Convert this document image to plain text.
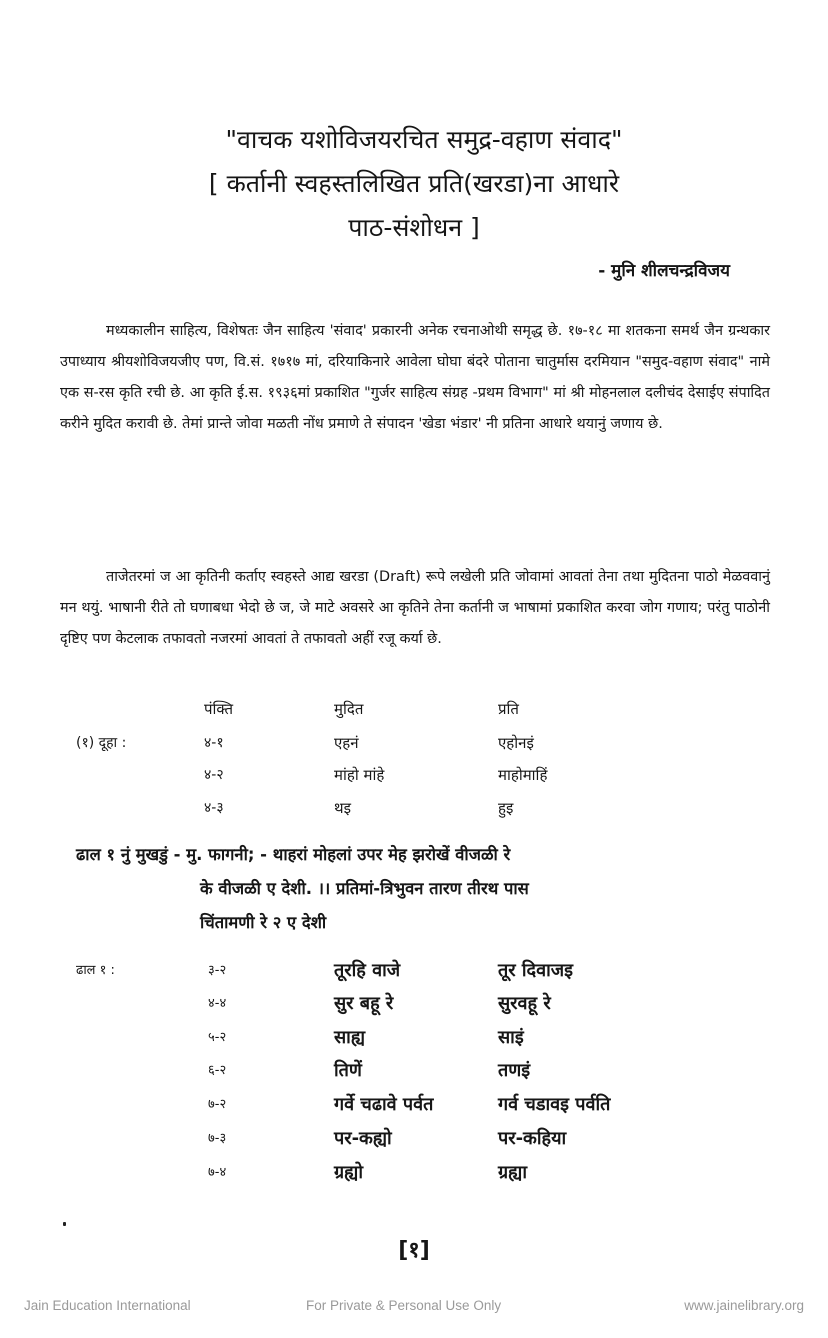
"वाचक यशोविजयरचित समुद्र-वहाण संवाद"
[ कर्तानी स्वहस्तलिखित प्रति(खरडा)ना आधारे
पाठ-संशोधन ]
- मुनि शीलचन्द्रविजय

मध्यकालीन साहित्य, विशेषतः जैन साहित्य 'संवाद' प्रकारनी अनेक रचनाओथी समृद्ध छे. १७-१८ मा शतकना समर्थ जैन ग्रन्थकार उपाध्याय श्रीयशोविजयजीए पण, वि.सं. १७१७ मां, दरियाकिनारे आवेला घोघा बंदरे पोताना चातुर्मास दरमियान "समुद-वहाण संवाद" नामे एक स-रस कृति रची छे. आ कृति ई.स. १९३६मां प्रकाशित "गुर्जर साहित्य संग्रह -प्रथम विभाग" मां श्री मोहनलाल दलीचंद देसाईए संपादित करीने मुदित करावी छे. तेमां प्रान्ते जोवा मळती नोंध प्रमाणे ते संपादन 'खेडा भंडार' नी प्रतिना आधारे थयानुं जणाय छे.

ताजेतरमां ज आ कृतिनी कर्ताए स्वहस्ते आद्य खरडा (Draft) रूपे लखेली प्रति जोवामां आवतां तेना तथा मुदितना पाठो मेळववानुं मन थयुं. भाषानी रीते तो घणाबधा भेदो छे ज, जे माटे अवसरे आ कृतिने तेना कर्तानी ज भाषामां प्रकाशित करवा जोग गणाय; परंतु पाठोनी दृष्टिए पण केटलाक तफावतो नजरमां आवतां ते तफावतो अहीं रजू कर्या छे.

पंक्ति	मुदित	प्रति
(१) दूहा :	४-१	एहनं	एहोनइं
४-२	मांहो मांहे	माहोमाहिं
४-३	थइ	हुइ
ढाल १ नुं मुखडुं - मु. फागनी; - थाहरां मोहलां उपर मेह झरोखें वीजळी रे
के वीजळी ए देशी. ।। प्रतिमां-त्रिभुवन तारण तीरथ पास
चिंतामणी रे २ ए देशी
ढाल १ :	३-२	तूरहि वाजे	तूर दिवाजइ
४-४	सुर बहू रे	सुरवहू रे
५-२	साह्य	साइं
६-२	तिणें	तणइं
७-२	गर्वे चढावे पर्वत	गर्व चडावइ पर्वति
७-३	पर-कह्यो	पर-कहिया
७-४	ग्रह्यो	ग्रह्या
[१]
Jain Education International	For Private & Personal Use Only	www.jainelibrary.org
